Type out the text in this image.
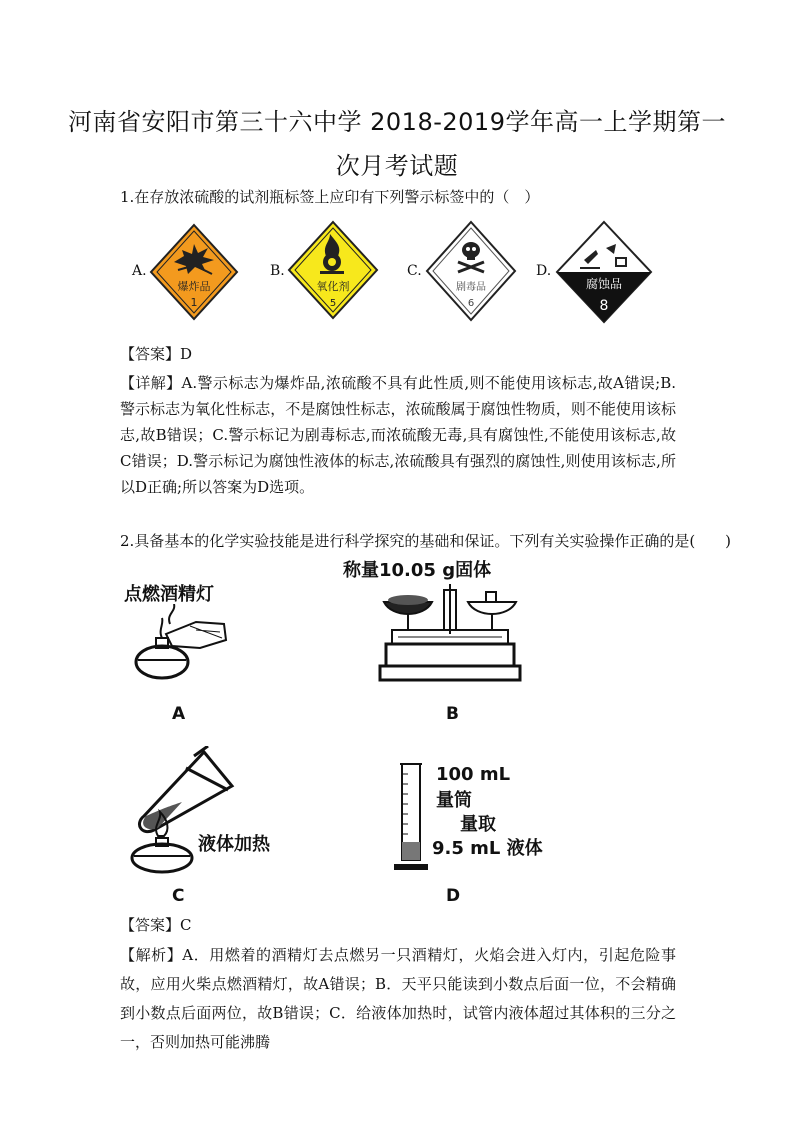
河南省安阳市第三十六中学 2018-2019学年高一上学期第一
次月考试题
1.在存放浓硫酸的试剂瓶标签上应印有下列警示标签中的（　）
A.
爆炸品
1
B.
氧化剂
5
C.
剧毒品
6
D.
腐蚀品
8
【答案】D
【详解】A.警示标志为爆炸品,浓硫酸不具有此性质,则不能使用该标志,故A错误;B. 警示标志为氧化性标志，不是腐蚀性标志，浓硫酸属于腐蚀性物质，则不能使用该标志,故B错误；C.警示标记为剧毒标志,而浓硫酸无毒,具有腐蚀性,不能使用该标志,故C错误；D.警示标记为腐蚀性液体的标志,浓硫酸具有强烈的腐蚀性,则使用该标志,所以D正确;所以答案为D选项。
2.具备基本的化学实验技能是进行科学探究的基础和保证。下列有关实验操作正确的是(　　)
点燃酒精灯
A
称量10.05 g固体
B
液体加热
C
100 mL
量筒
量取
9.5 mL 液体
D
【答案】C
【解析】A．用燃着的酒精灯去点燃另一只酒精灯，火焰会进入灯内，引起危险事故，应用火柴点燃酒精灯，故A错误；B．天平只能读到小数点后面一位，不会精确到小数点后面两位，故B错误；C．给液体加热时，试管内液体超过其体积的三分之一，否则加热可能沸腾
